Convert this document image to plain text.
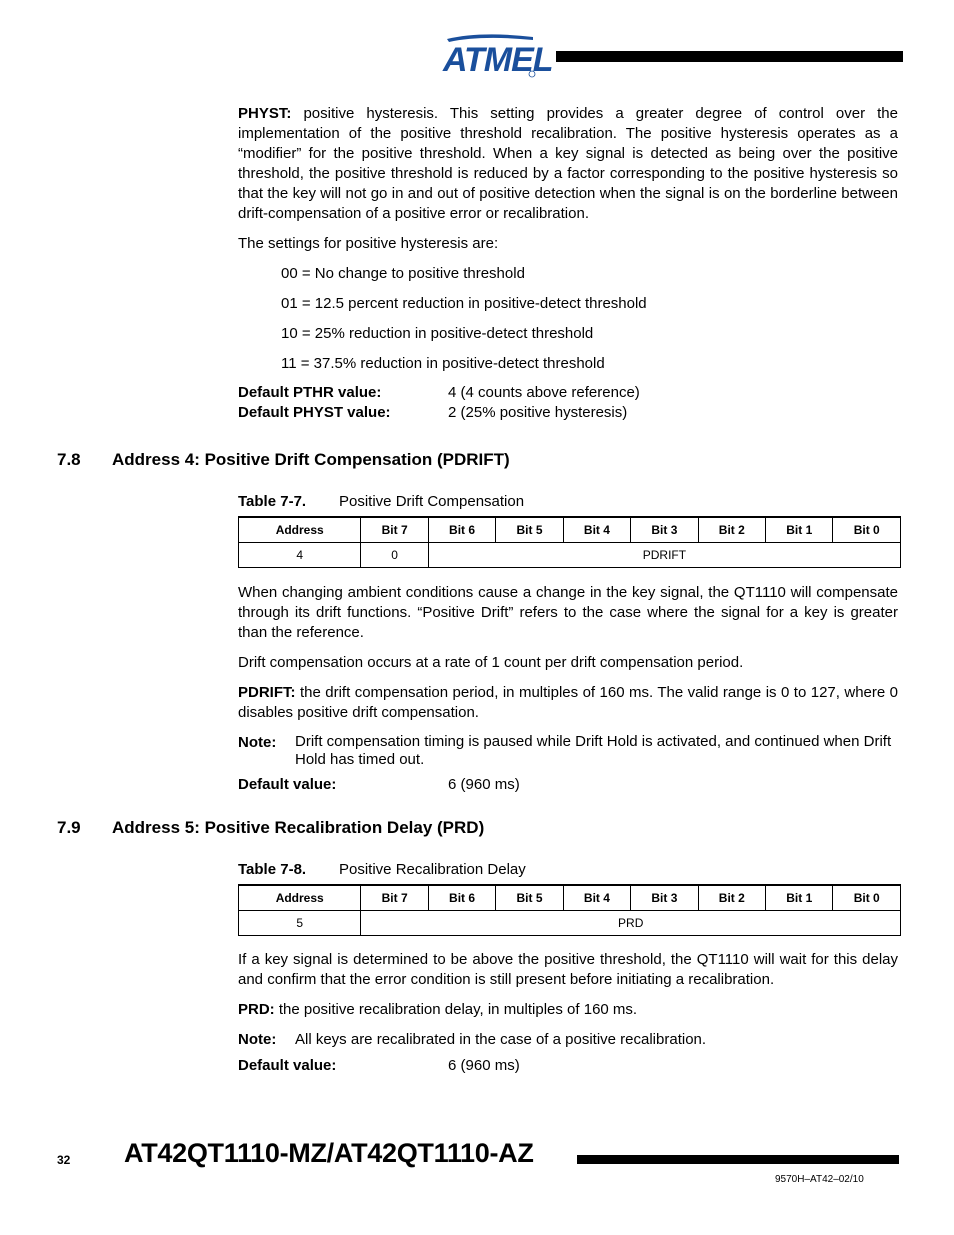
ATMEL

PHYST: positive hysteresis. This setting provides a greater degree of control over the implementation of the positive threshold recalibration. The positive hysteresis operates as a “modifier” for the positive threshold. When a key signal is detected as being over the positive threshold, the positive threshold is reduced by a factor corresponding to the positive hysteresis so that the key will not go in and out of positive detection when the signal is on the borderline between drift-compensation of a positive error or recalibration.

The settings for positive hysteresis are:

00 = No change to positive threshold
01 = 12.5 percent reduction in positive-detect threshold
10 = 25% reduction in positive-detect threshold
11 = 37.5% reduction in positive-detect threshold
Default PTHR value:	4 (4 counts above reference)
Default PHYST value:	2 (25% positive hysteresis)
7.8	Address 4: Positive Drift Compensation (PDRIFT)
Table 7-7.	Positive Drift Compensation
Address	Bit 7	Bit 6	Bit 5	Bit 4	Bit 3	Bit 2	Bit 1	Bit 0
4	0	PDRIFT						

When changing ambient conditions cause a change in the key signal, the QT1110 will compensate through its drift functions. “Positive Drift” refers to the case where the signal for a key is greater than the reference.

Drift compensation occurs at a rate of 1 count per drift compensation period.

PDRIFT: the drift compensation period, in multiples of 160 ms. The valid range is 0 to 127, where 0 disables positive drift compensation.

Note:	Drift compensation timing is paused while Drift Hold is activated, and continued when Drift Hold has timed out.
Default value:	6 (960 ms)
7.9	Address 5: Positive Recalibration Delay (PRD)
Table 7-8.	Positive Recalibration Delay
Address	Bit 7	Bit 6	Bit 5	Bit 4	Bit 3	Bit 2	Bit 1	Bit 0
5	PRD							

If a key signal is determined to be above the positive threshold, the QT1110 will wait for this delay and confirm that the error condition is still present before initiating a recalibration.

PRD: the positive recalibration delay, in multiples of 160 ms.

Note:	All keys are recalibrated in the case of a positive recalibration.
Default value:	6 (960 ms)
32 AT42QT1110-MZ/AT42QT1110-AZ
9570H–AT42–02/10
